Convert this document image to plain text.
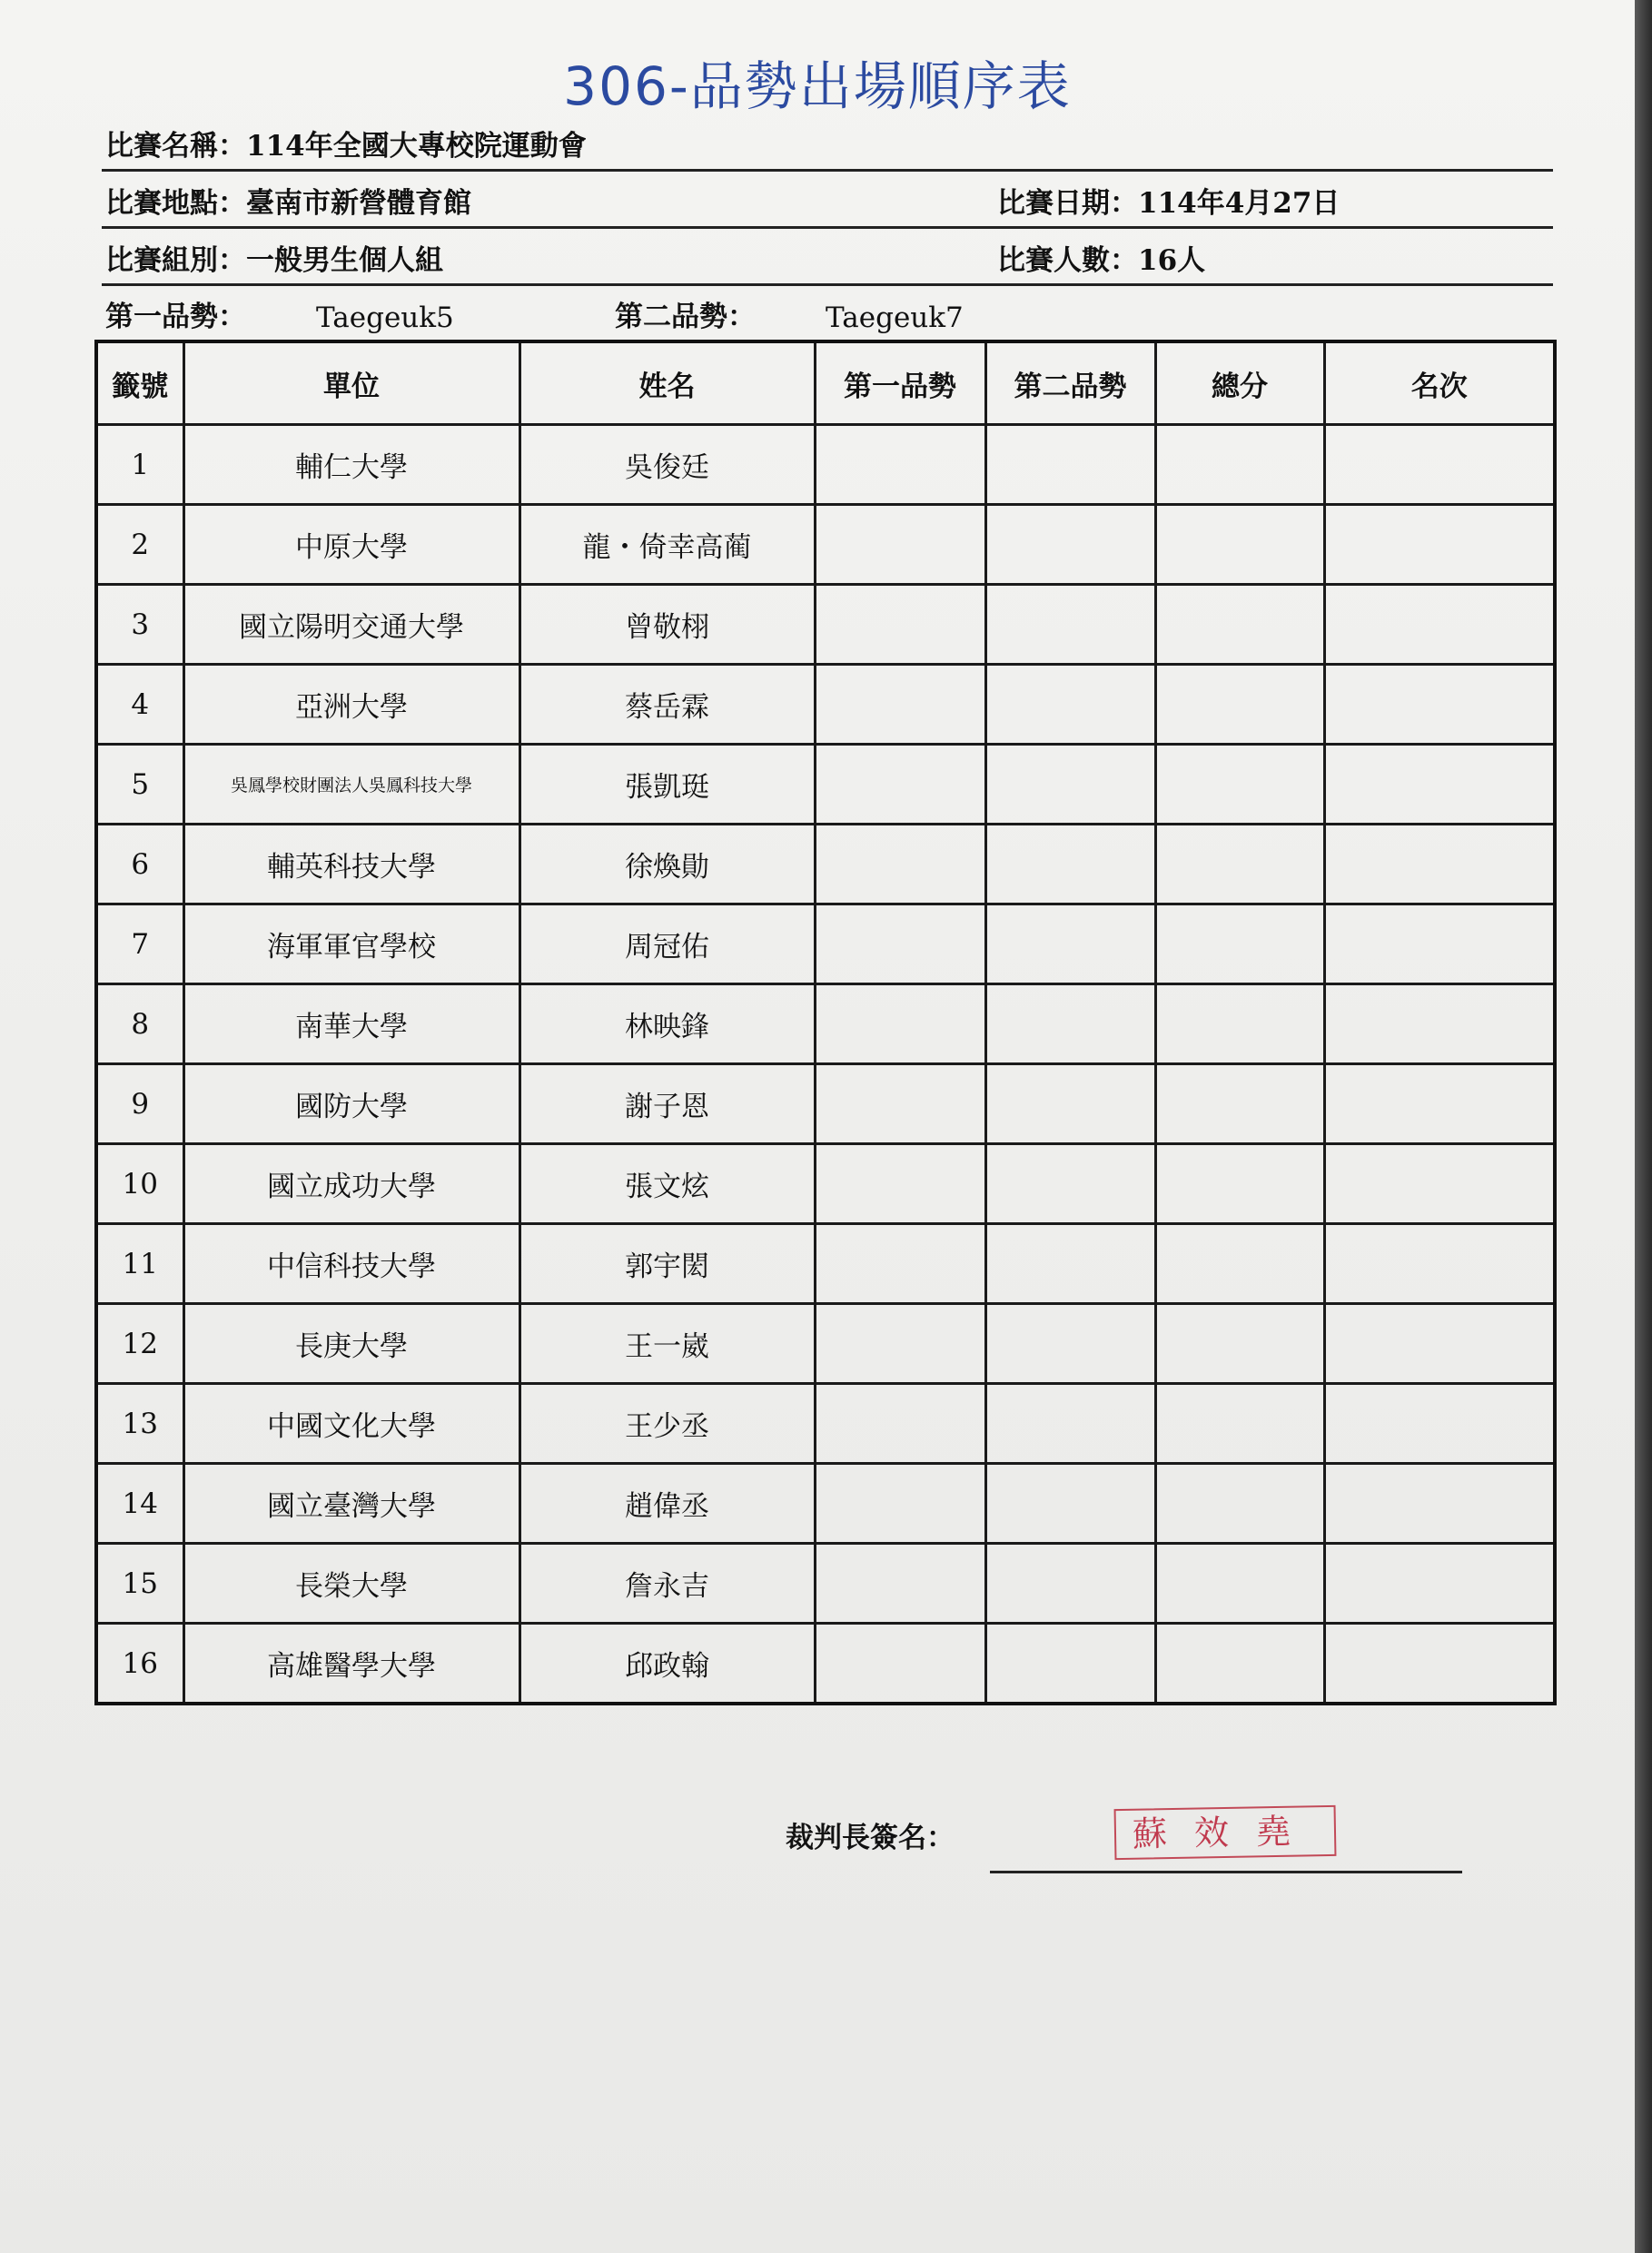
306-品勢出場順序表
比賽名稱：114年全國大專校院運動會
比賽地點：臺南市新營體育館	比賽日期：114年4月27日
比賽組別：一般男生個人組	比賽人數：16人
第一品勢： Taegeuk5	第二品勢： Taegeuk7
籤號	單位	姓名	第一品勢	第二品勢	總分	名次
1	輔仁大學	吳俊廷				
2	中原大學	龍・倚幸高蔺				
3	國立陽明交通大學	曾敬栩				
4	亞洲大學	蔡岳霖				
5	吳鳳學校財團法人吳鳳科技大學	張凱珽				
6	輔英科技大學	徐煥勛				
7	海軍軍官學校	周冠佑				
8	南華大學	林映鋒				
9	國防大學	謝子恩				
10	國立成功大學	張文炫				
11	中信科技大學	郭宇閎				
12	長庚大學	王一崴				
13	中國文化大學	王少丞				
14	國立臺灣大學	趙偉丞				
15	長榮大學	詹永吉				
16	高雄醫學大學	邱政翰				
裁判長簽名：	蘇效堯
